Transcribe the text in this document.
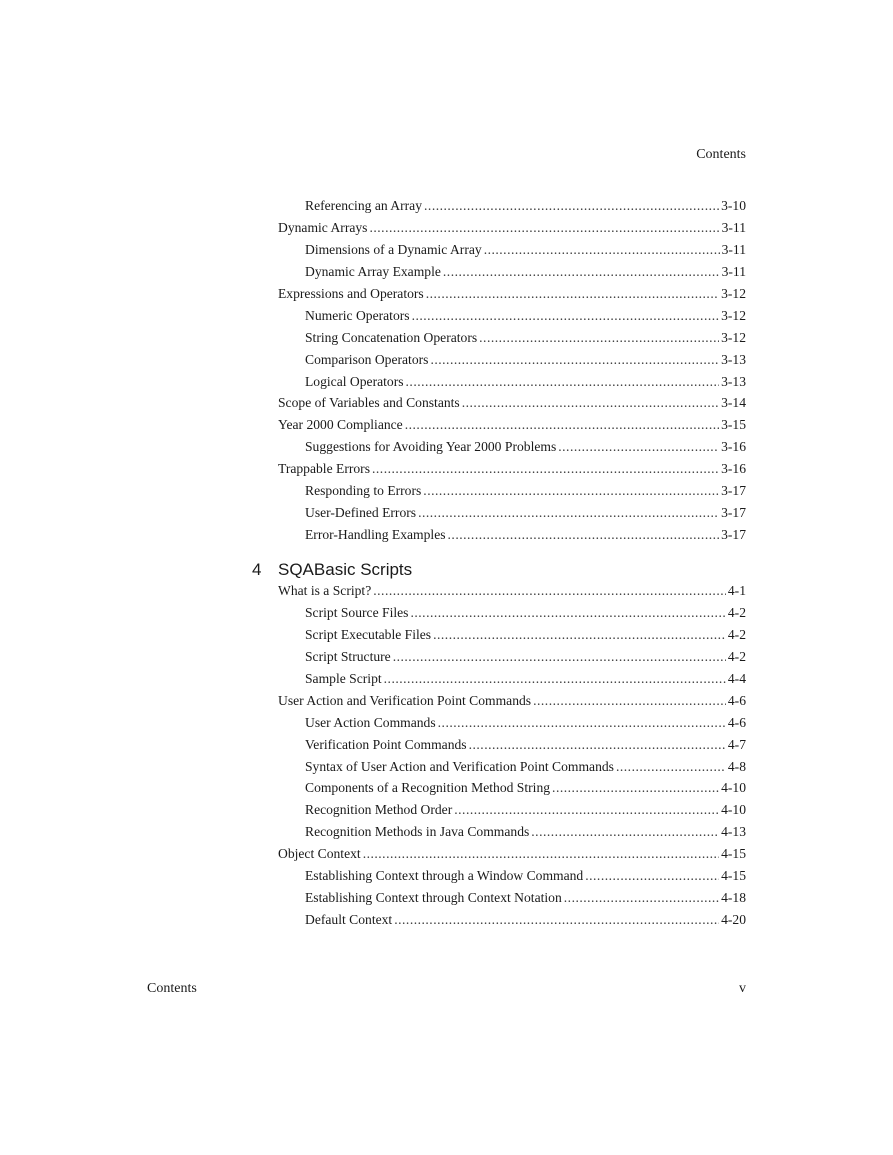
Contents
Referencing an Array .....	3-10
Dynamic Arrays .....	3-11
Dimensions of a Dynamic Array .....	3-11
Dynamic Array Example .....	3-11
Expressions and Operators .....	3-12
Numeric Operators .....	3-12
String Concatenation Operators .....	3-12
Comparison Operators .....	3-13
Logical Operators .....	3-13
Scope of Variables and Constants .....	3-14
Year 2000 Compliance .....	3-15
Suggestions for Avoiding Year 2000 Problems .....	3-16
Trappable Errors .....	3-16
Responding to Errors .....	3-17
User-Defined Errors .....	3-17
Error-Handling Examples .....	3-17
4 SQABasic Scripts
What is a Script? .....	4-1
Script Source Files .....	4-2
Script Executable Files .....	4-2
Script Structure .....	4-2
Sample Script .....	4-4
User Action and Verification Point Commands .....	4-6
User Action Commands .....	4-6
Verification Point Commands .....	4-7
Syntax of User Action and Verification Point Commands .....	4-8
Components of a Recognition Method String .....	4-10
Recognition Method Order .....	4-10
Recognition Methods in Java Commands .....	4-13
Object Context .....	4-15
Establishing Context through a Window Command .....	4-15
Establishing Context through Context Notation .....	4-18
Default Context .....	4-20
Contents	v
